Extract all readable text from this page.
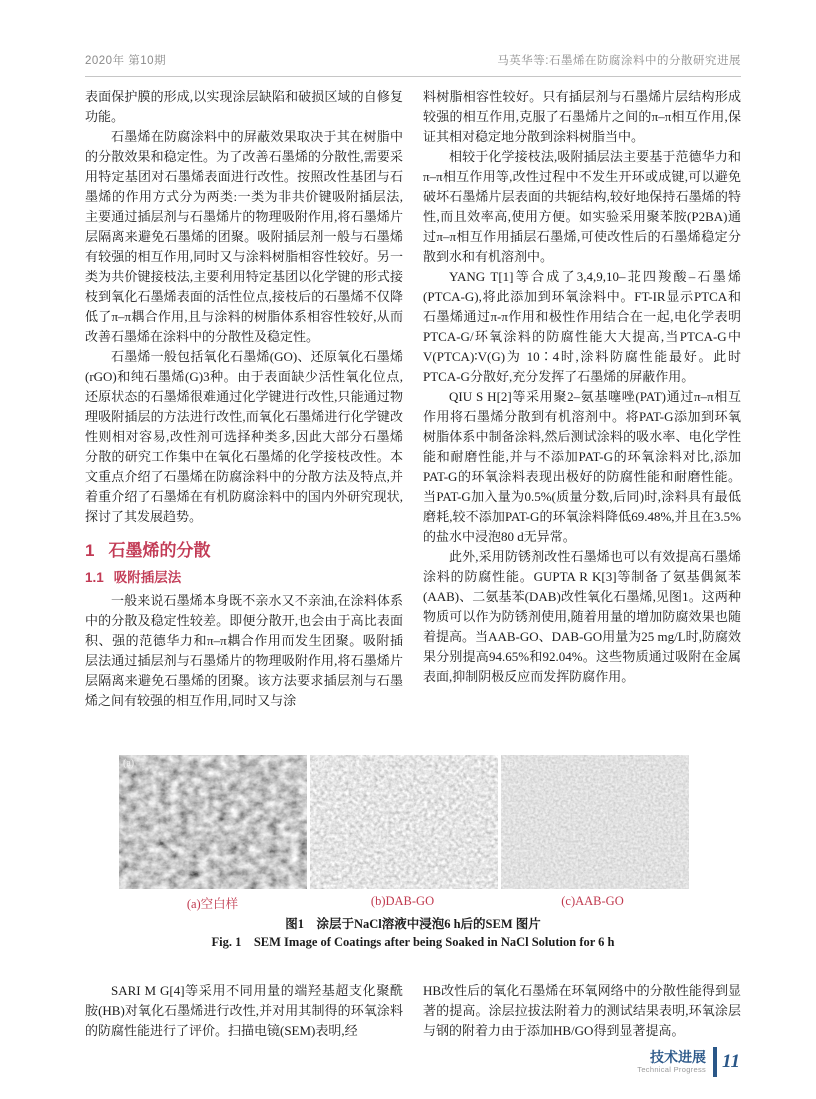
2020年 第10期	马英华等:石墨烯在防腐涂料中的分散研究进展

表面保护膜的形成,以实现涂层缺陷和破损区域的自修复功能。

石墨烯在防腐涂料中的屏蔽效果取决于其在树脂中的分散效果和稳定性。为了改善石墨烯的分散性,需要采用特定基团对石墨烯表面进行改性。按照改性基团与石墨烯的作用方式分为两类:一类为非共价键吸附插层法,主要通过插层剂与石墨烯片的物理吸附作用,将石墨烯片层隔离来避免石墨烯的团聚。吸附插层剂一般与石墨烯有较强的相互作用,同时又与涂料树脂相容性较好。另一类为共价键接枝法,主要利用特定基团以化学键的形式接枝到氧化石墨烯表面的活性位点,接枝后的石墨烯不仅降低了π–π耦合作用,且与涂料的树脂体系相容性较好,从而改善石墨烯在涂料中的分散性及稳定性。

石墨烯一般包括氧化石墨烯(GO)、还原氧化石墨烯(rGO)和纯石墨烯(G)3种。由于表面缺少活性氧化位点,还原状态的石墨烯很难通过化学键进行改性,只能通过物理吸附插层的方法进行改性,而氧化石墨烯进行化学键改性则相对容易,改性剂可选择种类多,因此大部分石墨烯分散的研究工作集中在氧化石墨烯的化学接枝改性。本文重点介绍了石墨烯在防腐涂料中的分散方法及特点,并着重介绍了石墨烯在有机防腐涂料中的国内外研究现状,探讨了其发展趋势。

1 石墨烯的分散
1.1 吸附插层法

一般来说石墨烯本身既不亲水又不亲油,在涂料体系中的分散及稳定性较差。即便分散开,也会由于高比表面积、强的范德华力和π–π耦合作用而发生团聚。吸附插层法通过插层剂与石墨烯片的物理吸附作用,将石墨烯片层隔离来避免石墨烯的团聚。该方法要求插层剂与石墨烯之间有较强的相互作用,同时又与涂

料树脂相容性较好。只有插层剂与石墨烯片层结构形成较强的相互作用,克服了石墨烯片之间的π–π相互作用,保证其相对稳定地分散到涂料树脂当中。

相较于化学接枝法,吸附插层法主要基于范德华力和π–π相互作用等,改性过程中不发生开环或成键,可以避免破坏石墨烯片层表面的共轭结构,较好地保持石墨烯的特性,而且效率高,使用方便。如实验采用聚苯胺(P2BA)通过π–π相互作用插层石墨烯,可使改性后的石墨烯稳定分散到水和有机溶剂中。

YANG T[1]等合成了3,4,9,10–苝四羧酸–石墨烯(PTCA-G),将此添加到环氧涂料中。FT-IR显示PTCA和石墨烯通过π-π作用和极性作用结合在一起,电化学表明PTCA-G/环氧涂料的防腐性能大大提高,当PTCA-G中V(PTCA)∶V(G)为 10∶4时,涂料防腐性能最好。此时PTCA-G分散好,充分发挥了石墨烯的屏蔽作用。

QIU S H[2]等采用聚2–氨基噻唑(PAT)通过π–π相互作用将石墨烯分散到有机溶剂中。将PAT-G添加到环氧树脂体系中制备涂料,然后测试涂料的吸水率、电化学性能和耐磨性能,并与不添加PAT-G的环氧涂料对比,添加PAT-G的环氧涂料表现出极好的防腐性能和耐磨性能。当PAT-G加入量为0.5%(质量分数,后同)时,涂料具有最低磨耗,较不添加PAT-G的环氧涂料降低69.48%,并且在3.5%的盐水中浸泡80 d无异常。

此外,采用防锈剂改性石墨烯也可以有效提高石墨烯涂料的防腐性能。GUPTA R K[3]等制备了氨基偶氮苯(AAB)、二氨基苯(DAB)改性氧化石墨烯,见图1。这两种物质可以作为防锈剂使用,随着用量的增加防腐效果也随着提高。当AAB-GO、DAB-GO用量为25 mg/L时,防腐效果分别提高94.65%和92.04%。这些物质通过吸附在金属表面,抑制阴极反应而发挥防腐作用。

(a)	(b)	(c)
(a)空白样	(b)DAB-GO	(c)AAB-GO
图1　涂层于NaCl溶液中浸泡6 h后的SEM 图片
Fig. 1　SEM Image of Coatings after being Soaked in NaCl Solution for 6 h

SARI M G[4]等采用不同用量的端羟基超支化聚酰胺(HB)对氧化石墨烯进行改性,并对用其制得的环氧涂料的防腐性能进行了评价。扫描电镜(SEM)表明,经

HB改性后的氧化石墨烯在环氧网络中的分散性能得到显著的提高。涂层拉拔法附着力的测试结果表明,环氧涂层与钢的附着力由于添加HB/GO得到显著提高。

技术进展
Technical Progress 11
